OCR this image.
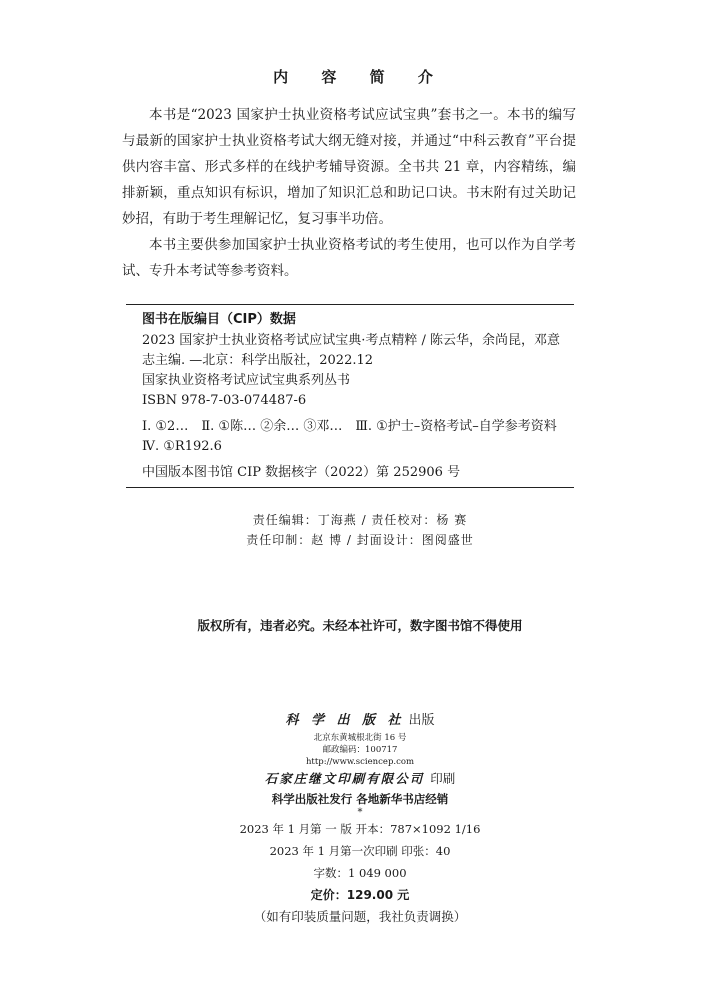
内 容 简 介

本书是“2023 国家护士执业资格考试应试宝典”套书之一。本书的编写与最新的国家护士执业资格考试大纲无缝对接，并通过“中科云教育”平台提供内容丰富、形式多样的在线护考辅导资源。全书共 21 章，内容精练，编排新颖，重点知识有标识，增加了知识汇总和助记口诀。书末附有过关助记妙招，有助于考生理解记忆，复习事半功倍。

本书主要供参加国家护士执业资格考试的考生使用，也可以作为自学考试、专升本考试等参考资料。

图书在版编目（CIP）数据
2023 国家护士执业资格考试应试宝典·考点精粹 / 陈云华，余尚昆，邓意志主编. —北京：科学出版社，2022.12
国家执业资格考试应试宝典系列丛书
ISBN 978-7-03-074487-6
Ⅰ. ①2…　Ⅱ. ①陈… ②余… ③邓…　Ⅲ. ①护士–资格考试–自学参考资料　Ⅳ. ①R192.6
中国版本图书馆 CIP 数据核字（2022）第 252906 号
责任编辑：丁海燕 / 责任校对：杨 赛
责任印制：赵 博 / 封面设计：图阅盛世
版权所有，违者必究。未经本社许可，数字图书馆不得使用
科 学 出 版 社 出版
北京东黄城根北街 16 号
邮政编码：100717
http://www.sciencep.com
石家庄继文印刷有限公司 印刷
科学出版社发行 各地新华书店经销
*
2023 年 1 月第 一 版 开本：787×1092 1/16
2023 年 1 月第一次印刷 印张：40
字数：1 049 000
定价：129.00 元
（如有印装质量问题，我社负责调换）
